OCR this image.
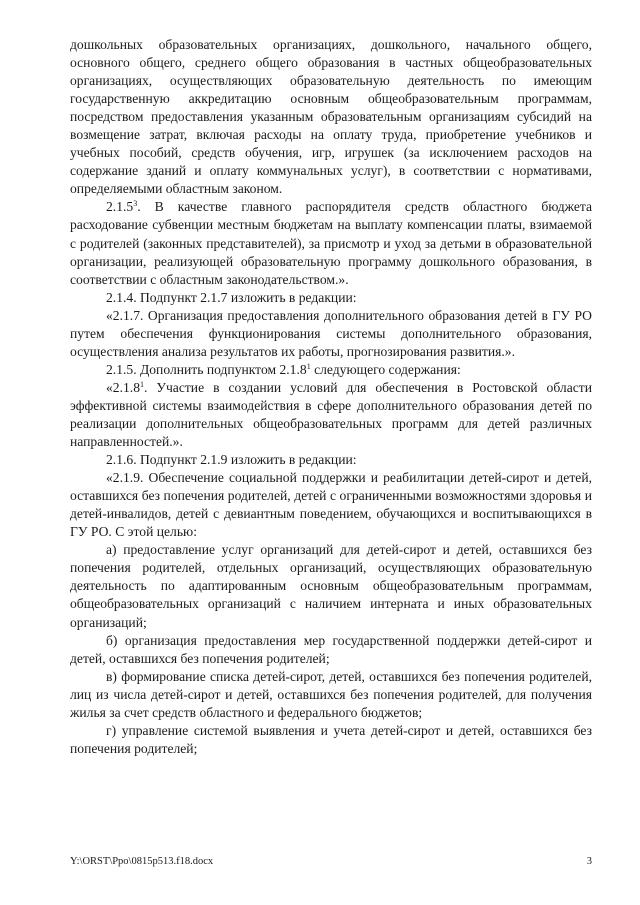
дошкольных образовательных организациях, дошкольного, начального общего, основного общего, среднего общего образования в частных общеобразовательных организациях, осуществляющих образовательную деятельность по имеющим государственную аккредитацию основным общеобразовательным программам, посредством предоставления указанным образовательным организациям субсидий на возмещение затрат, включая расходы на оплату труда, приобретение учебников и учебных пособий, средств обучения, игр, игрушек (за исключением расходов на содержание зданий и оплату коммунальных услуг), в соответствии с нормативами, определяемыми областным законом.

2.1.5$^3$. В качестве главного распорядителя средств областного бюджета расходование субвенции местным бюджетам на выплату компенсации платы, взимаемой с родителей (законных представителей), за присмотр и уход за детьми в образовательной организации, реализующей образовательную программу дошкольного образования, в соответствии с областным законодательством.».

2.1.4. Подпункт 2.1.7 изложить в редакции:

«2.1.7. Организация предоставления дополнительного образования детей в ГУ РО путем обеспечения функционирования системы дополнительного образования, осуществления анализа результатов их работы, прогнозирования развития.».

2.1.5. Дополнить подпунктом 2.1.8$^1$ следующего содержания:

«2.1.8$^1$. Участие в создании условий для обеспечения в Ростовской области эффективной системы взаимодействия в сфере дополнительного образования детей по реализации дополнительных общеобразовательных программ для детей различных направленностей.».

2.1.6. Подпункт 2.1.9 изложить в редакции:

«2.1.9. Обеспечение социальной поддержки и реабилитации детей-сирот и детей, оставшихся без попечения родителей, детей с ограниченными возможностями здоровья и детей-инвалидов, детей с девиантным поведением, обучающихся и воспитывающихся в ГУ РО. С этой целью:

а) предоставление услуг организаций для детей-сирот и детей, оставшихся без попечения родителей, отдельных организаций, осуществляющих образовательную деятельность по адаптированным основным общеобразовательным программам, общеобразовательных организаций с наличием интерната и иных образовательных организаций;

б) организация предоставления мер государственной поддержки детей-сирот и детей, оставшихся без попечения родителей;

в) формирование списка детей-сирот, детей, оставшихся без попечения родителей, лиц из числа детей-сирот и детей, оставшихся без попечения родителей, для получения жилья за счет средств областного и федерального бюджетов;

г) управление системой выявления и учета детей-сирот и детей, оставшихся без попечения родителей;

Y:\ORST\Ppo\0815p513.f18.docx	3
